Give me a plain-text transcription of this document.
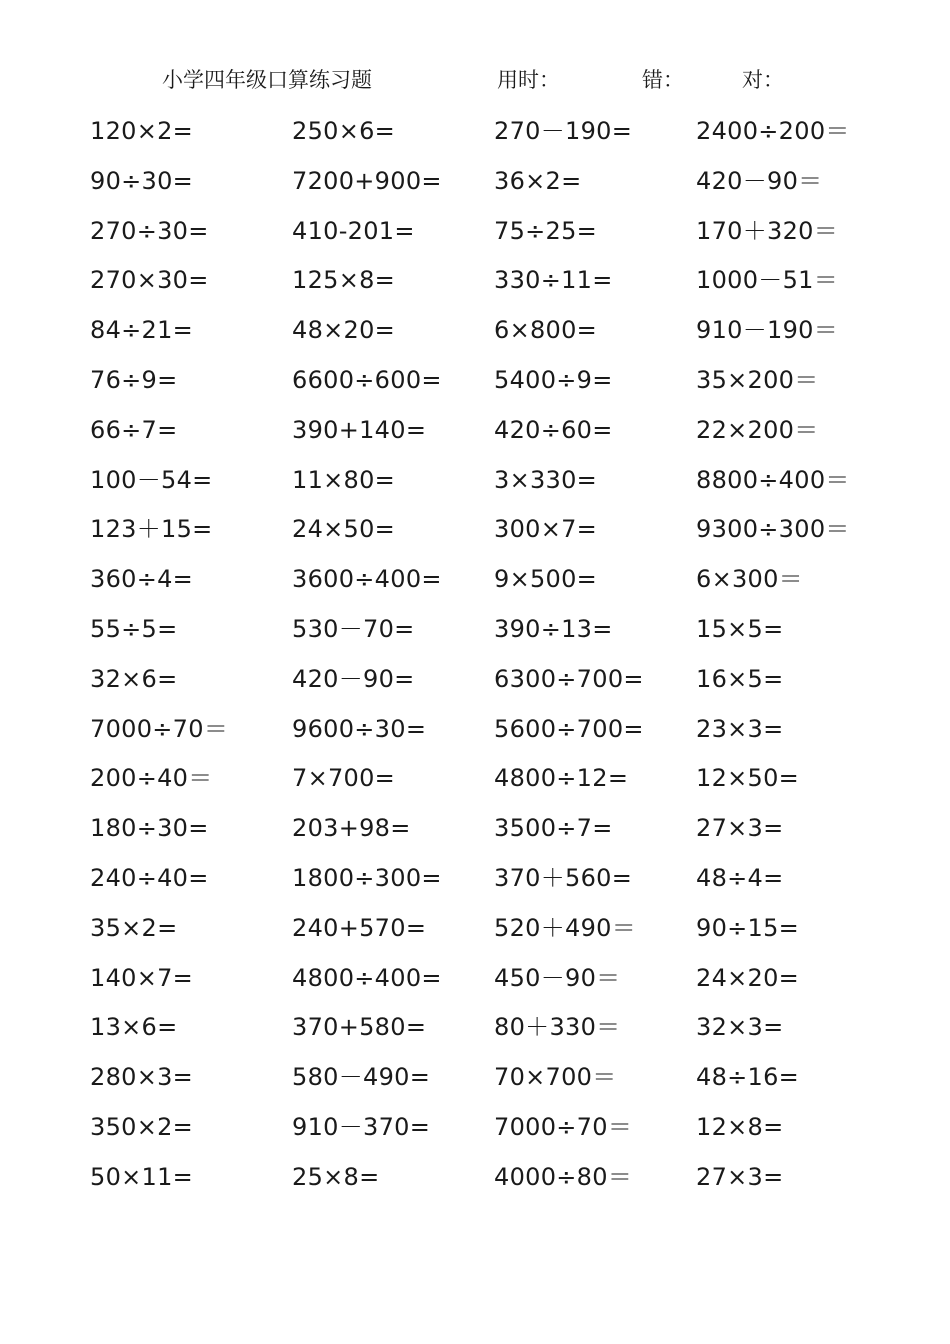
小学四年级口算练习题	用时：	错：	对：
120×2=	250×6=	270－190=	2400÷200＝
90÷30=	7200+900=	36×2=	420－90＝
270÷30=	410-201=	75÷25=	170＋320＝
270×30=	125×8=	330÷11=	1000－51＝
84÷21=	48×20=	6×800=	910－190＝
76÷9=	6600÷600=	5400÷9=	35×200＝
66÷7=	390+140=	420÷60=	22×200＝
100－54=	11×80=	3×330=	8800÷400＝
123＋15=	24×50=	300×7=	9300÷300＝
360÷4=	3600÷400=	9×500=	6×300＝
55÷5=	530－70=	390÷13=	15×5=
32×6=	420－90=	6300÷700=	16×5=
7000÷70＝	9600÷30=	5600÷700=	23×3=
200÷40＝	7×700=	4800÷12=	12×50=
180÷30=	203+98=	3500÷7=	27×3=
240÷40=	1800÷300=	370＋560=	48÷4=
35×2=	240+570=	520＋490＝	90÷15=
140×7=	4800÷400=	450－90＝	24×20=
13×6=	370+580=	80＋330＝	32×3=
280×3=	580－490=	70×700＝	48÷16=
350×2=	910－370=	7000÷70＝	12×8=
50×11=	25×8=	4000÷80＝	27×3=
